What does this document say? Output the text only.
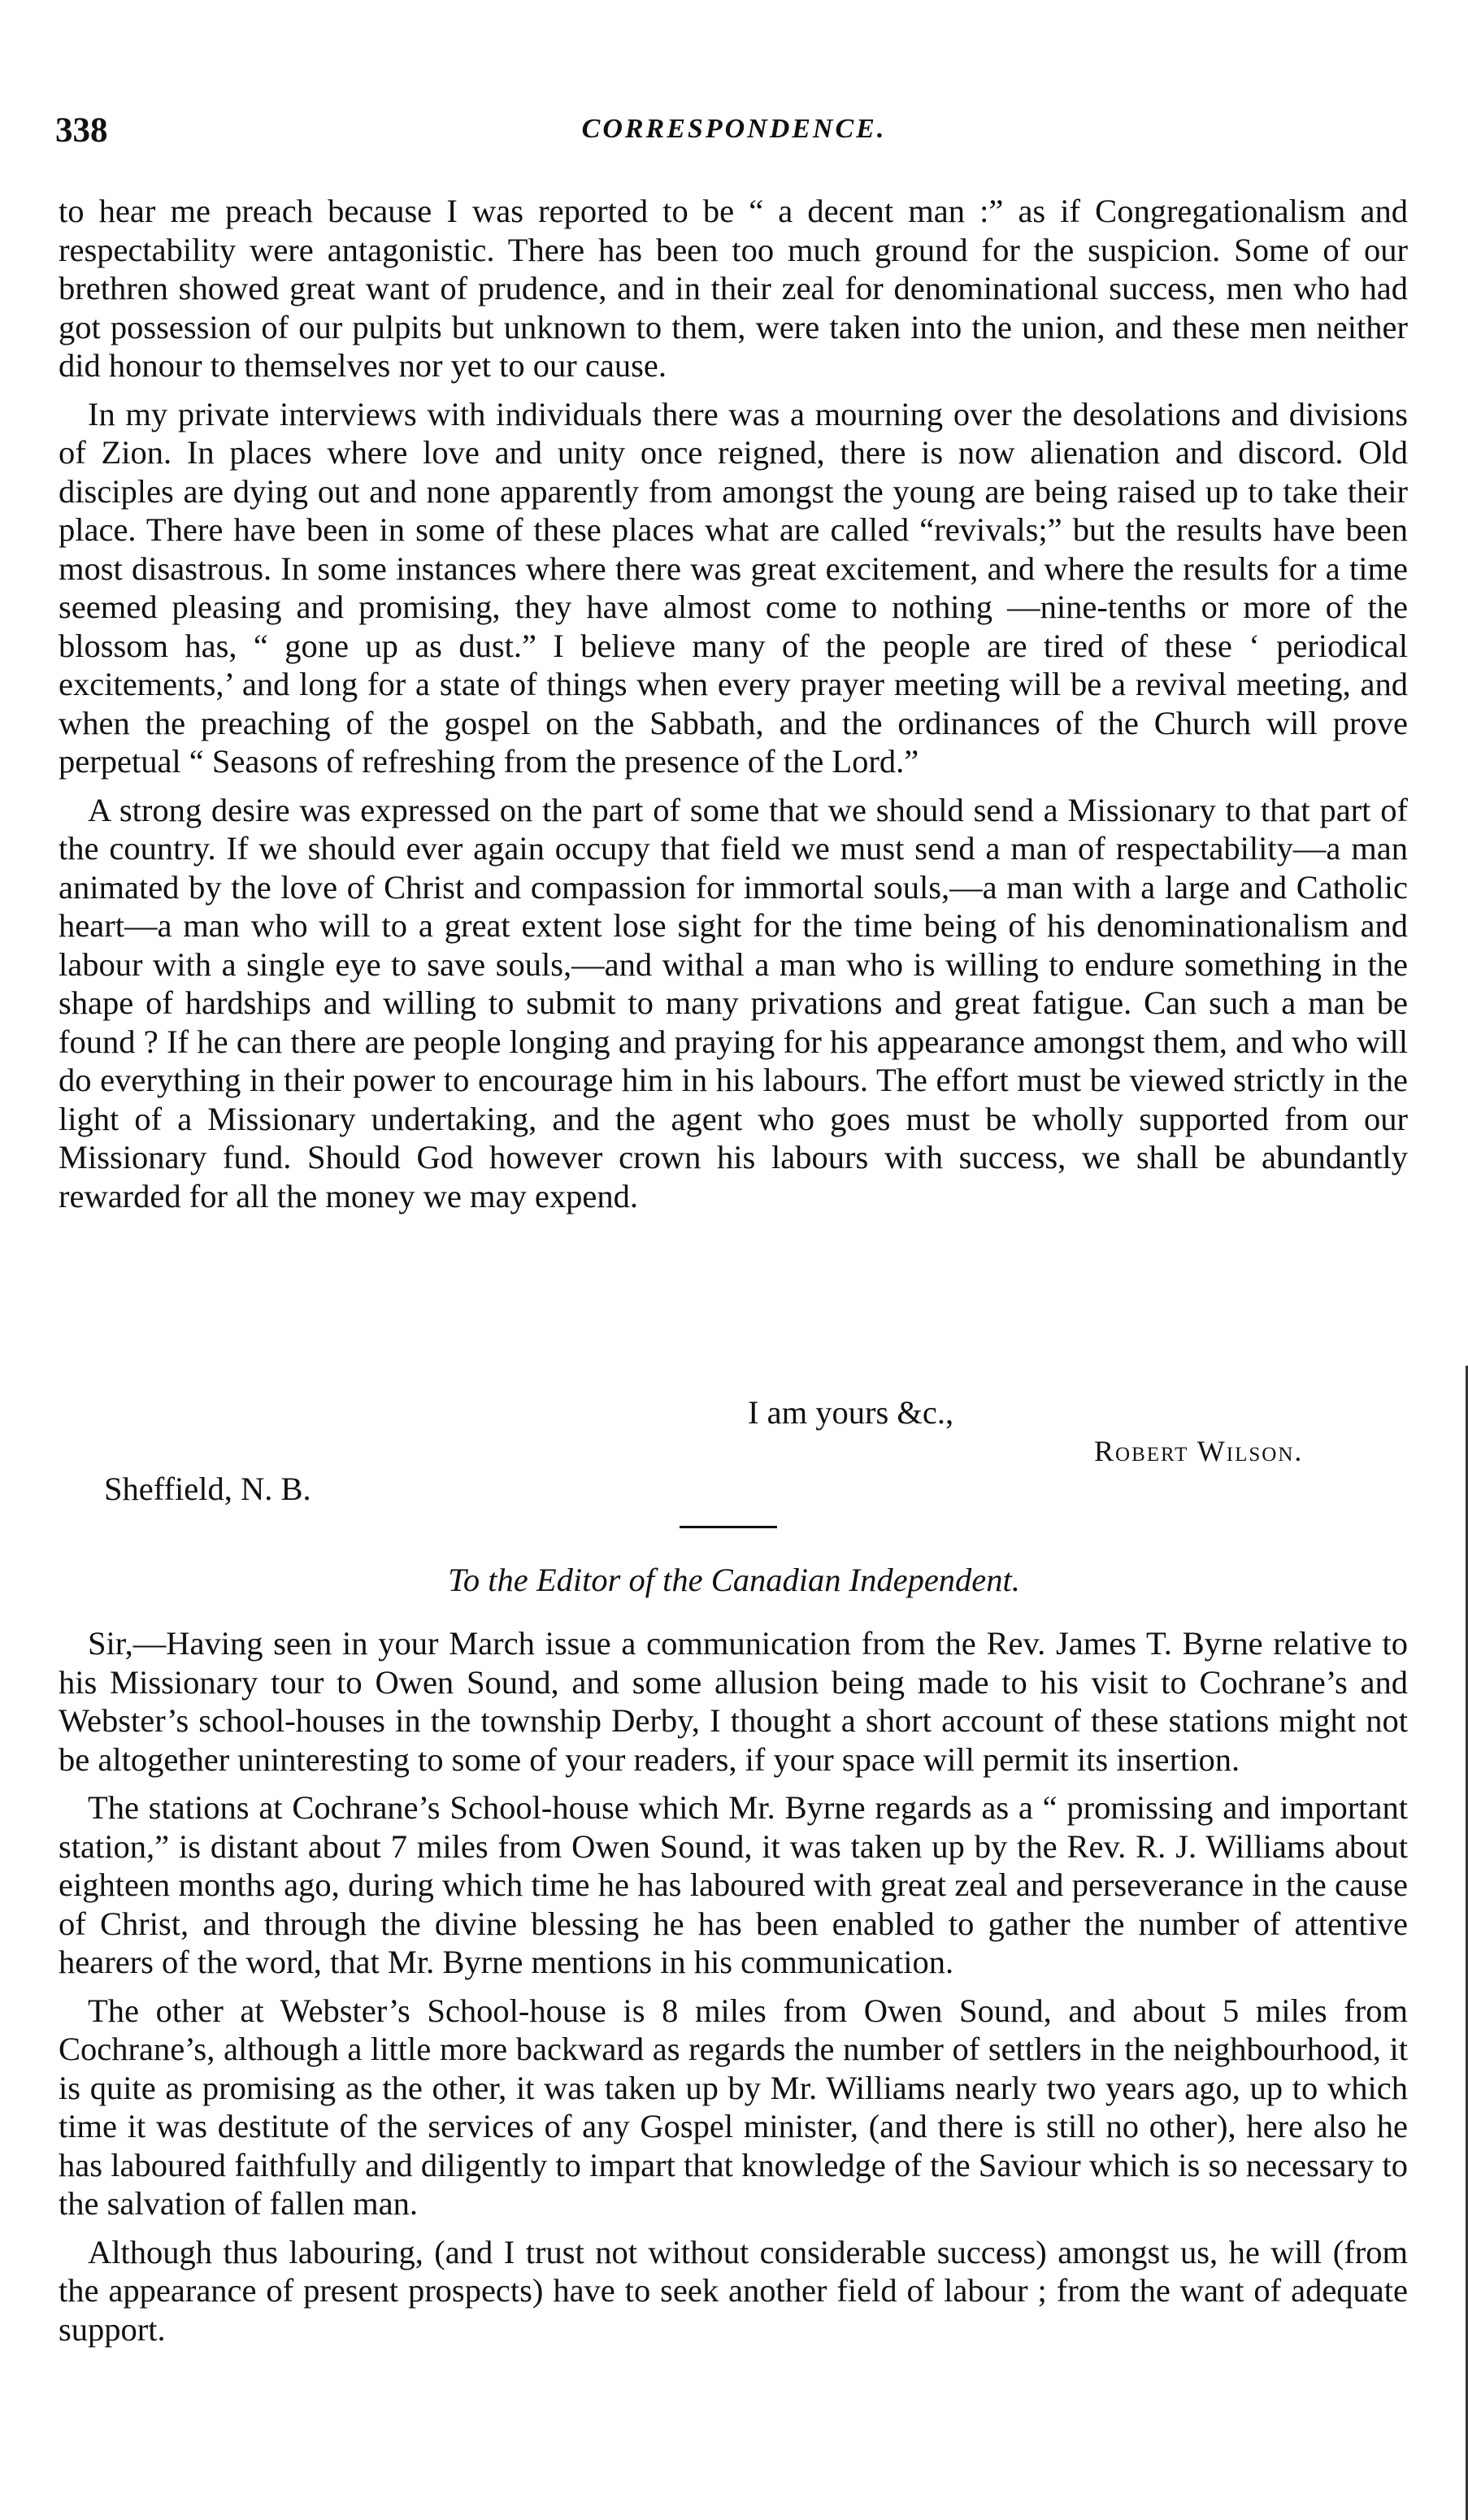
338	CORRESPONDENCE.

to hear me preach because I was reported to be “ a decent man :” as if Congregationalism and respectability were antagonistic. There has been too much ground for the suspicion. Some of our brethren showed great want of prudence, and in their zeal for denominational success, men who had got possession of our pulpits but unknown to them, were taken into the union, and these men neither did honour to themselves nor yet to our cause.

In my private interviews with individuals there was a mourning over the desolations and divisions of Zion. In places where love and unity once reigned, there is now alienation and discord. Old disciples are dying out and none apparently from amongst the young are being raised up to take their place. There have been in some of these places what are called “revivals;” but the results have been most disastrous. In some instances where there was great excitement, and where the results for a time seemed pleasing and promising, they have almost come to nothing —nine-tenths or more of the blossom has, “ gone up as dust.” I believe many of the people are tired of these ‘ periodical excitements,’ and long for a state of things when every prayer meeting will be a revival meeting, and when the preaching of the gospel on the Sabbath, and the ordinances of the Church will prove perpetual “ Seasons of refreshing from the presence of the Lord.”

A strong desire was expressed on the part of some that we should send a Missionary to that part of the country. If we should ever again occupy that field we must send a man of respectability—a man animated by the love of Christ and compassion for immortal souls,—a man with a large and Catholic heart—a man who will to a great extent lose sight for the time being of his denominationalism and labour with a single eye to save souls,—and withal a man who is willing to endure something in the shape of hardships and willing to submit to many privations and great fatigue. Can such a man be found ? If he can there are people longing and praying for his appearance amongst them, and who will do everything in their power to encourage him in his labours. The effort must be viewed strictly in the light of a Missionary undertaking, and the agent who goes must be wholly supported from our Missionary fund. Should God however crown his labours with success, we shall be abundantly rewarded for all the money we may expend.

I am yours &c.,
Robert Wilson.
Sheffield, N. B.
To the Editor of the Canadian Independent.

Sir,—Having seen in your March issue a communication from the Rev. James T. Byrne relative to his Missionary tour to Owen Sound, and some allusion being made to his visit to Cochrane’s and Webster’s school-houses in the township Derby, I thought a short account of these stations might not be altogether uninteresting to some of your readers, if your space will permit its insertion.

The stations at Cochrane’s School-house which Mr. Byrne regards as a “ promissing and important station,” is distant about 7 miles from Owen Sound, it was taken up by the Rev. R. J. Williams about eighteen months ago, during which time he has laboured with great zeal and perseverance in the cause of Christ, and through the divine blessing he has been enabled to gather the number of attentive hearers of the word, that Mr. Byrne mentions in his communication.

The other at Webster’s School-house is 8 miles from Owen Sound, and about 5 miles from Cochrane’s, although a little more backward as regards the number of settlers in the neighbourhood, it is quite as promising as the other, it was taken up by Mr. Williams nearly two years ago, up to which time it was destitute of the services of any Gospel minister, (and there is still no other), here also he has laboured faithfully and diligently to impart that knowledge of the Saviour which is so necessary to the salvation of fallen man.

Although thus labouring, (and I trust not without considerable success) amongst us, he will (from the appearance of present prospects) have to seek another field of labour ; from the want of adequate support.
